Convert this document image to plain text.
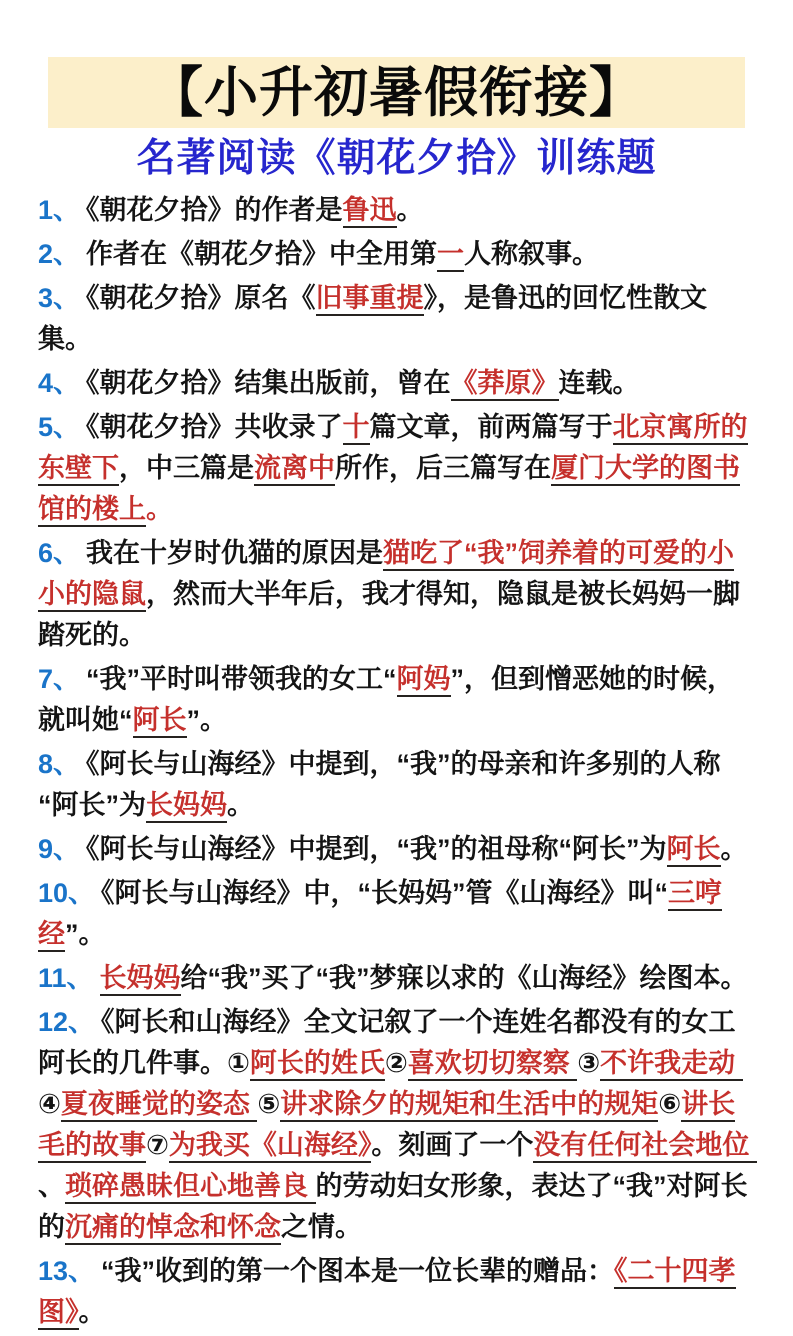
【小升初暑假衔接】
名著阅读《朝花夕拾》训练题

1、 《朝花夕拾》的作者是鲁迅。

2、 作者在《朝花夕拾》中全用第一人称叙事。

3、 《朝花夕拾》原名《旧事重提》，是鲁迅的回忆性散文集。

4、 《朝花夕拾》结集出版前，曾在《莽原》连载。

5、 《朝花夕拾》共收录了十篇文章，前两篇写于北京寓所的东壁下，中三篇是流离中所作，后三篇写在厦门大学的图书馆的楼上。

6、 我在十岁时仇猫的原因是猫吃了“我”饲养着的可爱的小小的隐鼠，然而大半年后，我才得知，隐鼠是被长妈妈一脚踏死的。

7、 “我”平时叫带领我的女工“阿妈”，但到憎恶她的时候，就叫她“阿长”。

8、 《阿长与山海经》中提到，“我”的母亲和许多别的人称“阿长”为长妈妈。

9、 《阿长与山海经》中提到，“我”的祖母称“阿长”为阿长。

10、 《阿长与山海经》中，“长妈妈”管《山海经》叫“三哼经”。

11、 长妈妈给“我”买了“我”梦寐以求的《山海经》绘图本。

12、 《阿长和山海经》全文记叙了一个连姓名都没有的女工阿长的几件事。①阿长的姓氏②喜欢切切察察 ③不许我走动 ④夏夜睡觉的姿态 ⑤讲求除夕的规矩和生活中的规矩⑥讲长毛的故事⑦为我买《山海经》。刻画了一个没有任何社会地位 、琐碎愚昧但心地善良 的劳动妇女形象，表达了“我”对阿长的沉痛的悼念和怀念之情。

13、 “我”收到的第一个图本是一位长辈的赠品：《二十四孝图》。
